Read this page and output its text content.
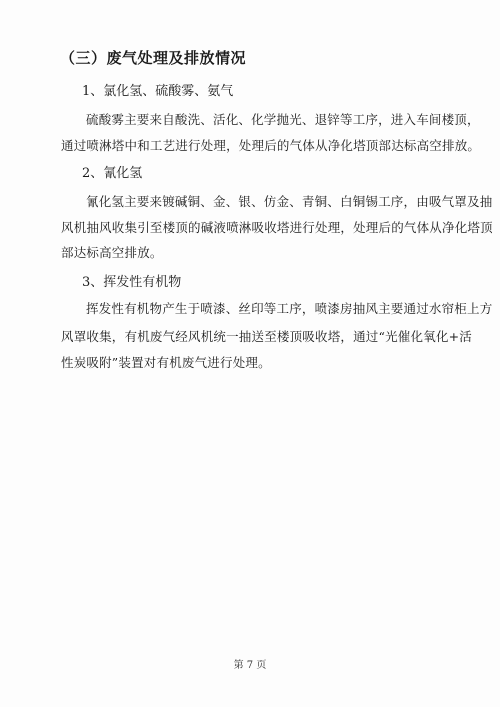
（三）废气处理及排放情况
1、氯化氢、硫酸雾、氨气
硫酸雾主要来自酸洗、活化、化学抛光、退锌等工序，进入车间楼顶，
通过喷淋塔中和工艺进行处理，处理后的气体从净化塔顶部达标高空排放。
2、氰化氢
氰化氢主要来镀碱铜、金、银、仿金、青铜、白铜锡工序，由吸气罩及抽
风机抽风收集引至楼顶的碱液喷淋吸收塔进行处理，处理后的气体从净化塔顶
部达标高空排放。
3、挥发性有机物
挥发性有机物产生于喷漆、丝印等工序，喷漆房抽风主要通过水帘柜上方
风罩收集，有机废气经风机统一抽送至楼顶吸收塔，通过“光催化氧化+活
性炭吸附”装置对有机废气进行处理。
第 7 页
